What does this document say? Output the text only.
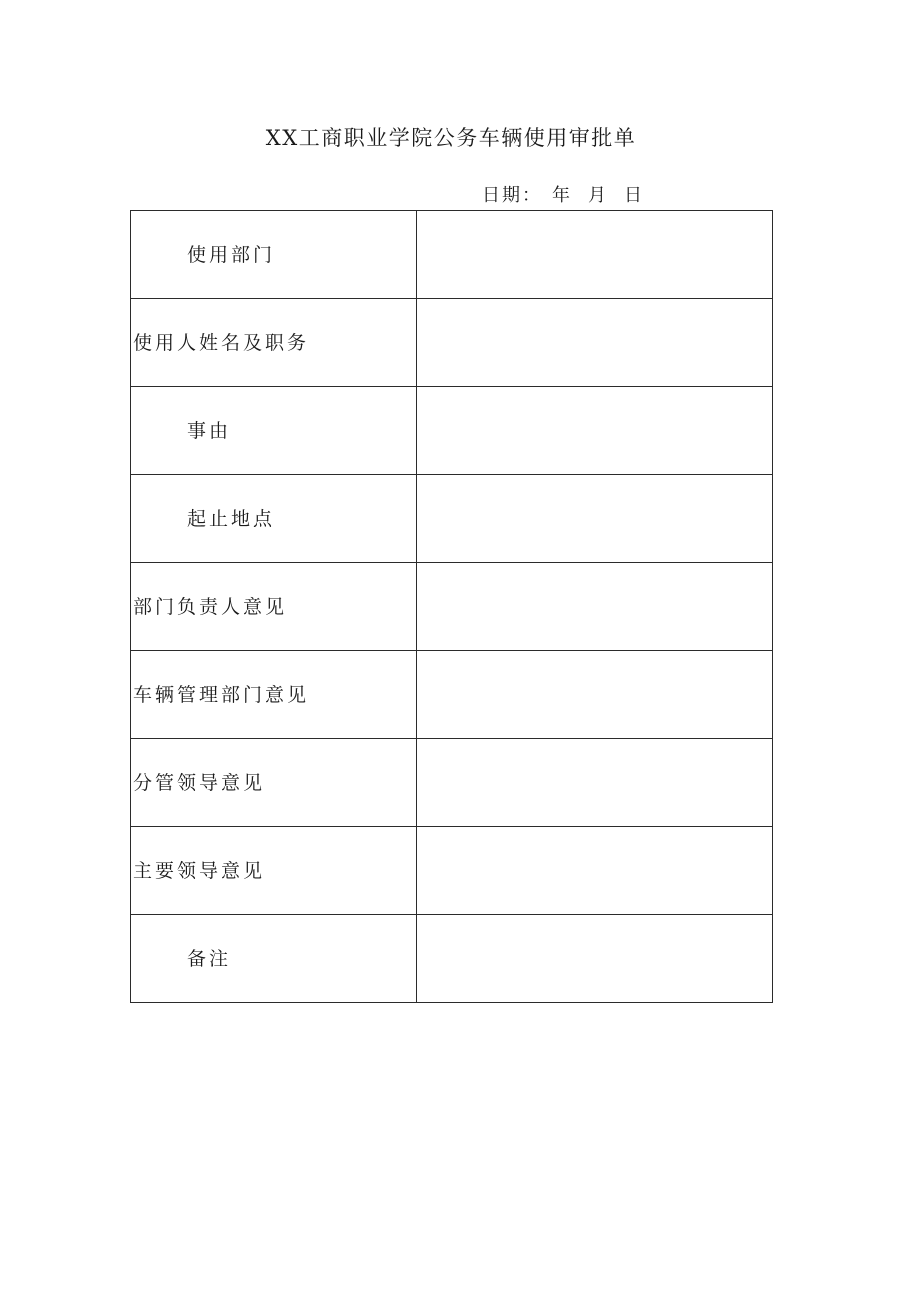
XX工商职业学院公务车辆使用审批单
日期： 年 月 日
使用部门	
使用人姓名及职务	
事由	
起止地点	
部门负责人意见	
车辆管理部门意见	
分管领导意见	
主要领导意见	
备注	
